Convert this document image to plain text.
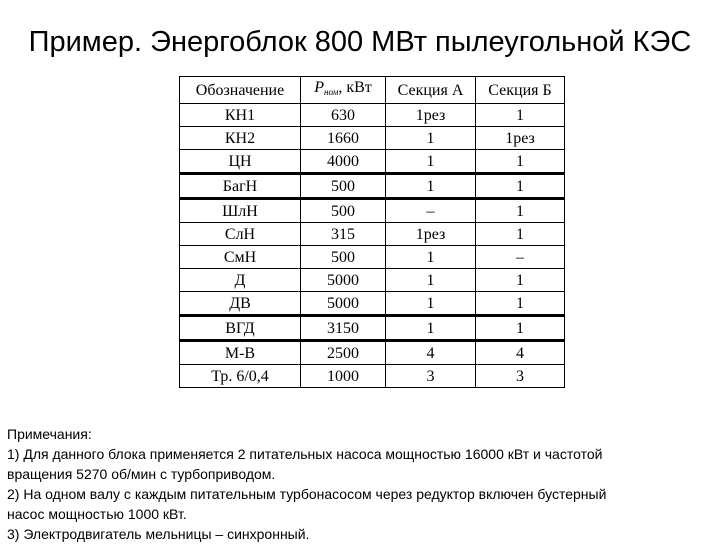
Пример. Энергоблок 800 МВт пылеугольной КЭС
Обозначение	$P_{ном}$, кВт	Секция А	Секция Б
КН1	630	1рез	1
КН2	1660	1	1рез
ЦН	4000	1	1
БагН	500	1	1
ШлН	500	–	1
СлН	315	1рез	1
СмН	500	1	–
Д	5000	1	1
ДВ	5000	1	1
ВГД	3150	1	1
М-В	2500	4	4
Тр. 6/0,4	1000	3	3
Примечания:
1) Для данного блока применяется 2 питательных насоса мощностью 16000 кВт и частотой
вращения 5270 об/мин с турбоприводом.
2) На одном валу с каждым питательным турбонасосом через редуктор включен бустерный
насос мощностью 1000 кВт.
3) Электродвигатель мельницы – синхронный.
